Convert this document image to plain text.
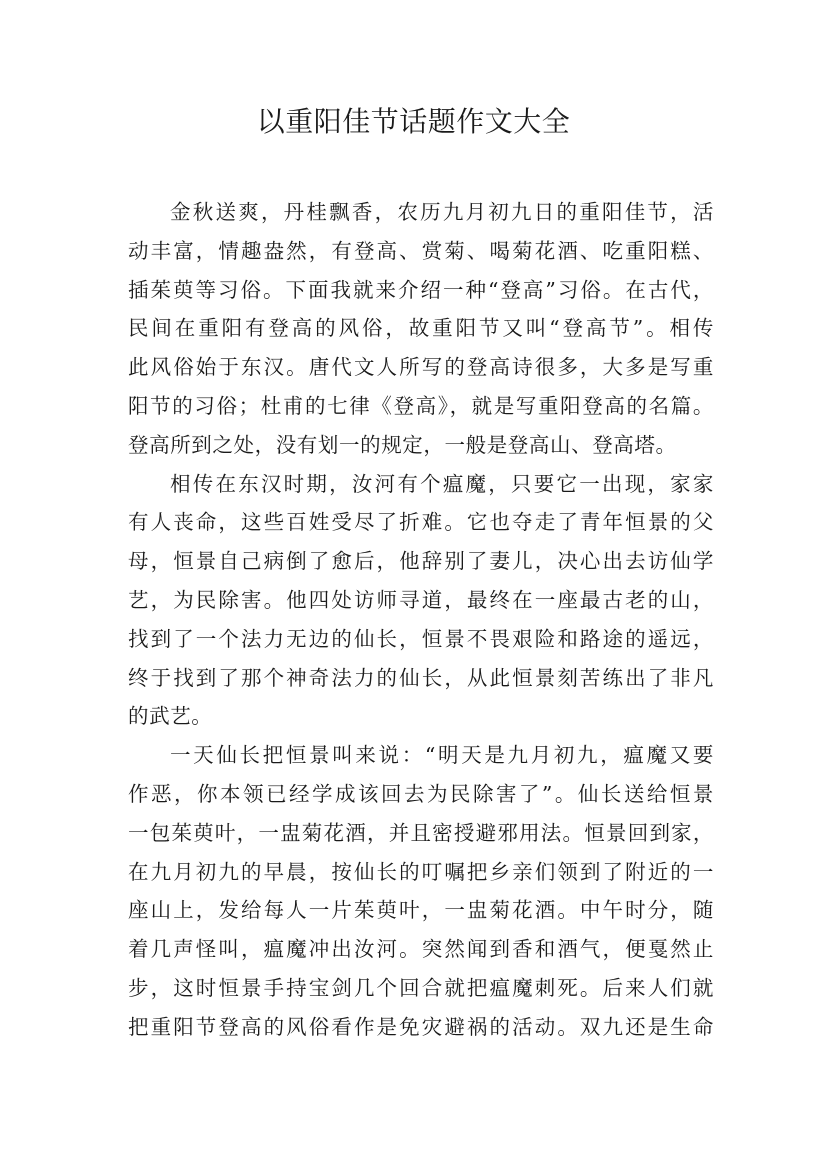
以重阳佳节话题作文大全
金秋送爽，丹桂飘香，农历九月初九日的重阳佳节，活
动丰富，情趣盎然，有登高、赏菊、喝菊花酒、吃重阳糕、
插茱萸等习俗。下面我就来介绍一种“登高”习俗。在古代，
民间在重阳有登高的风俗，故重阳节又叫“登高节”。相传
此风俗始于东汉。唐代文人所写的登高诗很多，大多是写重
阳节的习俗；杜甫的七律《登高》，就是写重阳登高的名篇。
登高所到之处，没有划一的规定，一般是登高山、登高塔。
相传在东汉时期，汝河有个瘟魔，只要它一出现，家家
有人丧命，这些百姓受尽了折难。它也夺走了青年恒景的父
母，恒景自己病倒了愈后，他辞别了妻儿，决心出去访仙学
艺，为民除害。他四处访师寻道，最终在一座最古老的山，
找到了一个法力无边的仙长，恒景不畏艰险和路途的遥远，
终于找到了那个神奇法力的仙长，从此恒景刻苦练出了非凡
的武艺。
一天仙长把恒景叫来说：“明天是九月初九，瘟魔又要
作恶，你本领已经学成该回去为民除害了”。仙长送给恒景
一包茱萸叶，一盅菊花酒，并且密授避邪用法。恒景回到家，
在九月初九的早晨，按仙长的叮嘱把乡亲们领到了附近的一
座山上，发给每人一片茱萸叶，一盅菊花酒。中午时分，随
着几声怪叫，瘟魔冲出汝河。突然闻到香和酒气，便戛然止
步，这时恒景手持宝剑几个回合就把瘟魔刺死。后来人们就
把重阳节登高的风俗看作是免灾避祸的活动。双九还是生命
